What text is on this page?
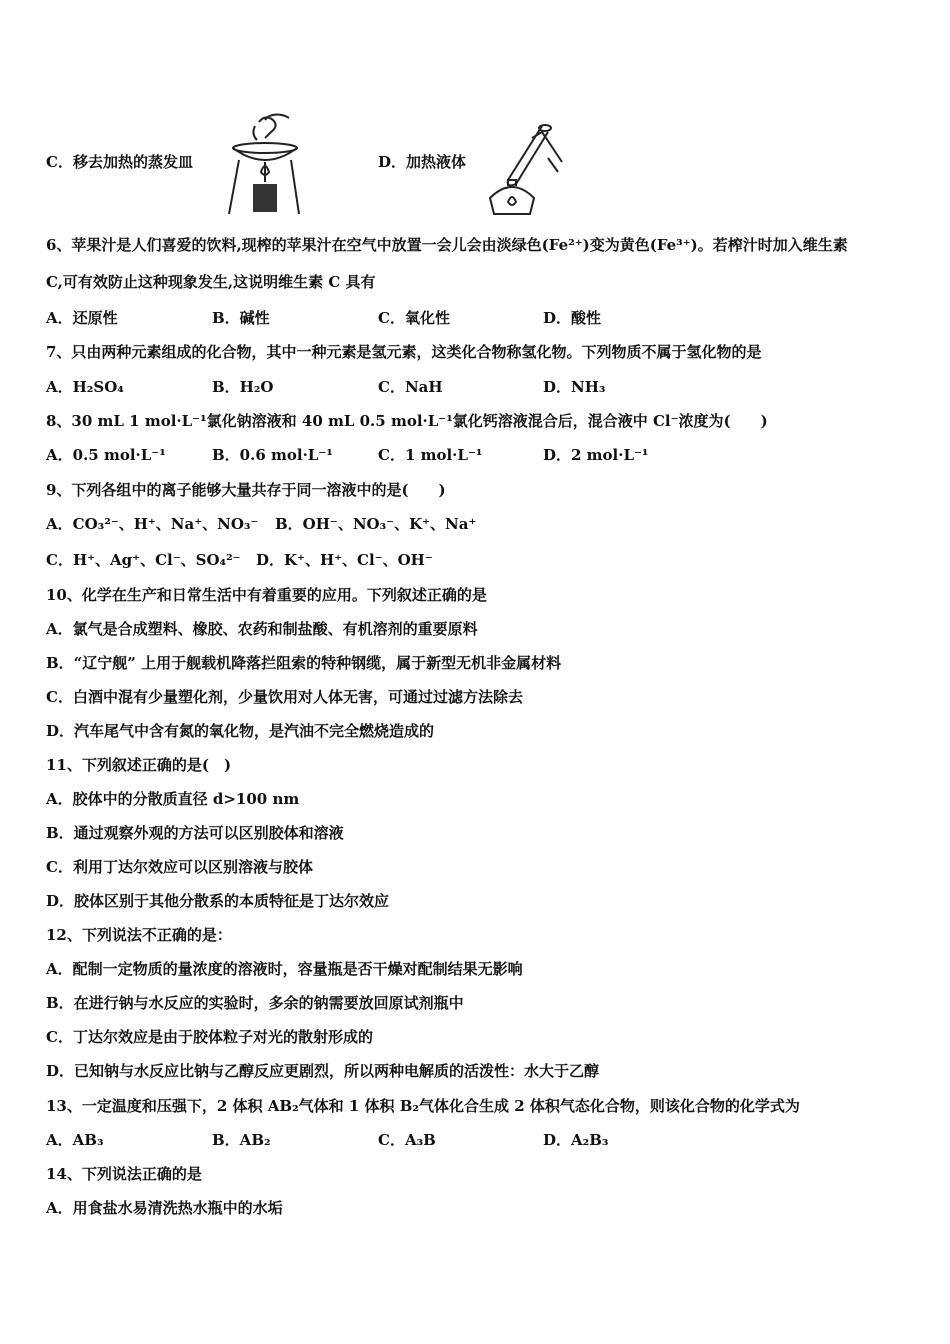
C．移去加热的蒸发皿	D．加热液体
6、苹果汁是人们喜爱的饮料,现榨的苹果汁在空气中放置一会儿会由淡绿色(Fe²⁺)变为黄色(Fe³⁺)。若榨汁时加入维生素
C,可有效防止这种现象发生,这说明维生素 C 具有
A．还原性	B．碱性	C．氧化性	D．酸性
7、只由两种元素组成的化合物，其中一种元素是氢元素，这类化合物称氢化物。下列物质不属于氢化物的是
A．H₂SO₄	B．H₂O	C．NaH	D．NH₃
8、30 mL 1 mol·L⁻¹氯化钠溶液和 40 mL 0.5 mol·L⁻¹氯化钙溶液混合后，混合液中 Cl⁻浓度为(　　)
A．0.5 mol·L⁻¹	B．0.6 mol·L⁻¹	C．1 mol·L⁻¹	D．2 mol·L⁻¹
9、下列各组中的离子能够大量共存于同一溶液中的是(　　)
A．CO₃²⁻、H⁺、Na⁺、NO₃⁻ B．OH⁻、NO₃⁻、K⁺、Na⁺
C．H⁺、Ag⁺、Cl⁻、SO₄²⁻ D．K⁺、H⁺、Cl⁻、OH⁻
10、化学在生产和日常生活中有着重要的应用。下列叙述正确的是
A．氯气是合成塑料、橡胶、农药和制盐酸、有机溶剂的重要原料
B．“辽宁舰” 上用于舰载机降落拦阻索的特种钢缆，属于新型无机非金属材料
C．白酒中混有少量塑化剂，少量饮用对人体无害，可通过过滤方法除去
D．汽车尾气中含有氮的氧化物，是汽油不完全燃烧造成的
11、下列叙述正确的是(　)
A．胶体中的分散质直径 d>100 nm
B．通过观察外观的方法可以区别胶体和溶液
C．利用丁达尔效应可以区别溶液与胶体
D．胶体区别于其他分散系的本质特征是丁达尔效应
12、下列说法不正确的是：
A．配制一定物质的量浓度的溶液时，容量瓶是否干燥对配制结果无影响
B．在进行钠与水反应的实验时，多余的钠需要放回原试剂瓶中
C．丁达尔效应是由于胶体粒子对光的散射形成的
D．已知钠与水反应比钠与乙醇反应更剧烈，所以两种电解质的活泼性：水大于乙醇
13、一定温度和压强下，2 体积 AB₂气体和 1 体积 B₂气体化合生成 2 体积气态化合物，则该化合物的化学式为
A．AB₃	B．AB₂	C．A₃B	D．A₂B₃
14、下列说法正确的是
A．用食盐水易清洗热水瓶中的水垢
